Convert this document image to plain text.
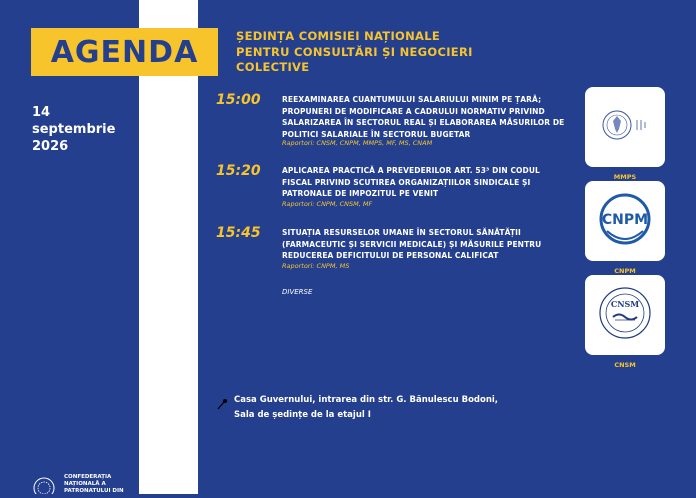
AGENDA	ȘEDINȚA COMISIEI NAȚIONALE PENTRU CONSULTĂRI ȘI NEGOCIERI COLECTIVE
14 septembrie 2026
15:00	REEXAMINAREA CUANTUMULUI SALARIULUI MINIM PE ȚARĂ; PROPUNERI DE MODIFICARE A CADRULUI NORMATIV PRIVIND SALARIZAREA ÎN SECTORUL REAL ȘI ELABORAREA MĂSURILOR DE POLITICI SALARIALE ÎN SECTORUL BUGETAR
Raportori: CNSM, CNPM, MMPS, MF, MS, CNAM
15:20	APLICAREA PRACTICĂ A PREVEDERILOR ART. 53³ DIN CODUL FISCAL PRIVIND SCUTIREA ORGANIZAȚIILOR SINDICALE ȘI PATRONALE DE IMPOZITUL PE VENIT
Raportori: CNPM, CNSM, MF
15:45	SITUAȚIA RESURSELOR UMANE ÎN SECTORUL SĂNĂTĂȚII (FARMACEUTIC ȘI SERVICII MEDICALE) ȘI MĂSURILE PENTRU REDUCEREA DEFICITULUI DE PERSONAL CALIFICAT
Raportori: CNPM, MS
DIVERSE
MMPS
CNPM
CNPM
CNSM
CNSM
Casa Guvernului, intrarea din str. G. Bănulescu Bodoni,
Sala de ședințe de la etajul I
CONFEDERAȚIA
NAȚIONALĂ A
PATRONATULUI DIN
